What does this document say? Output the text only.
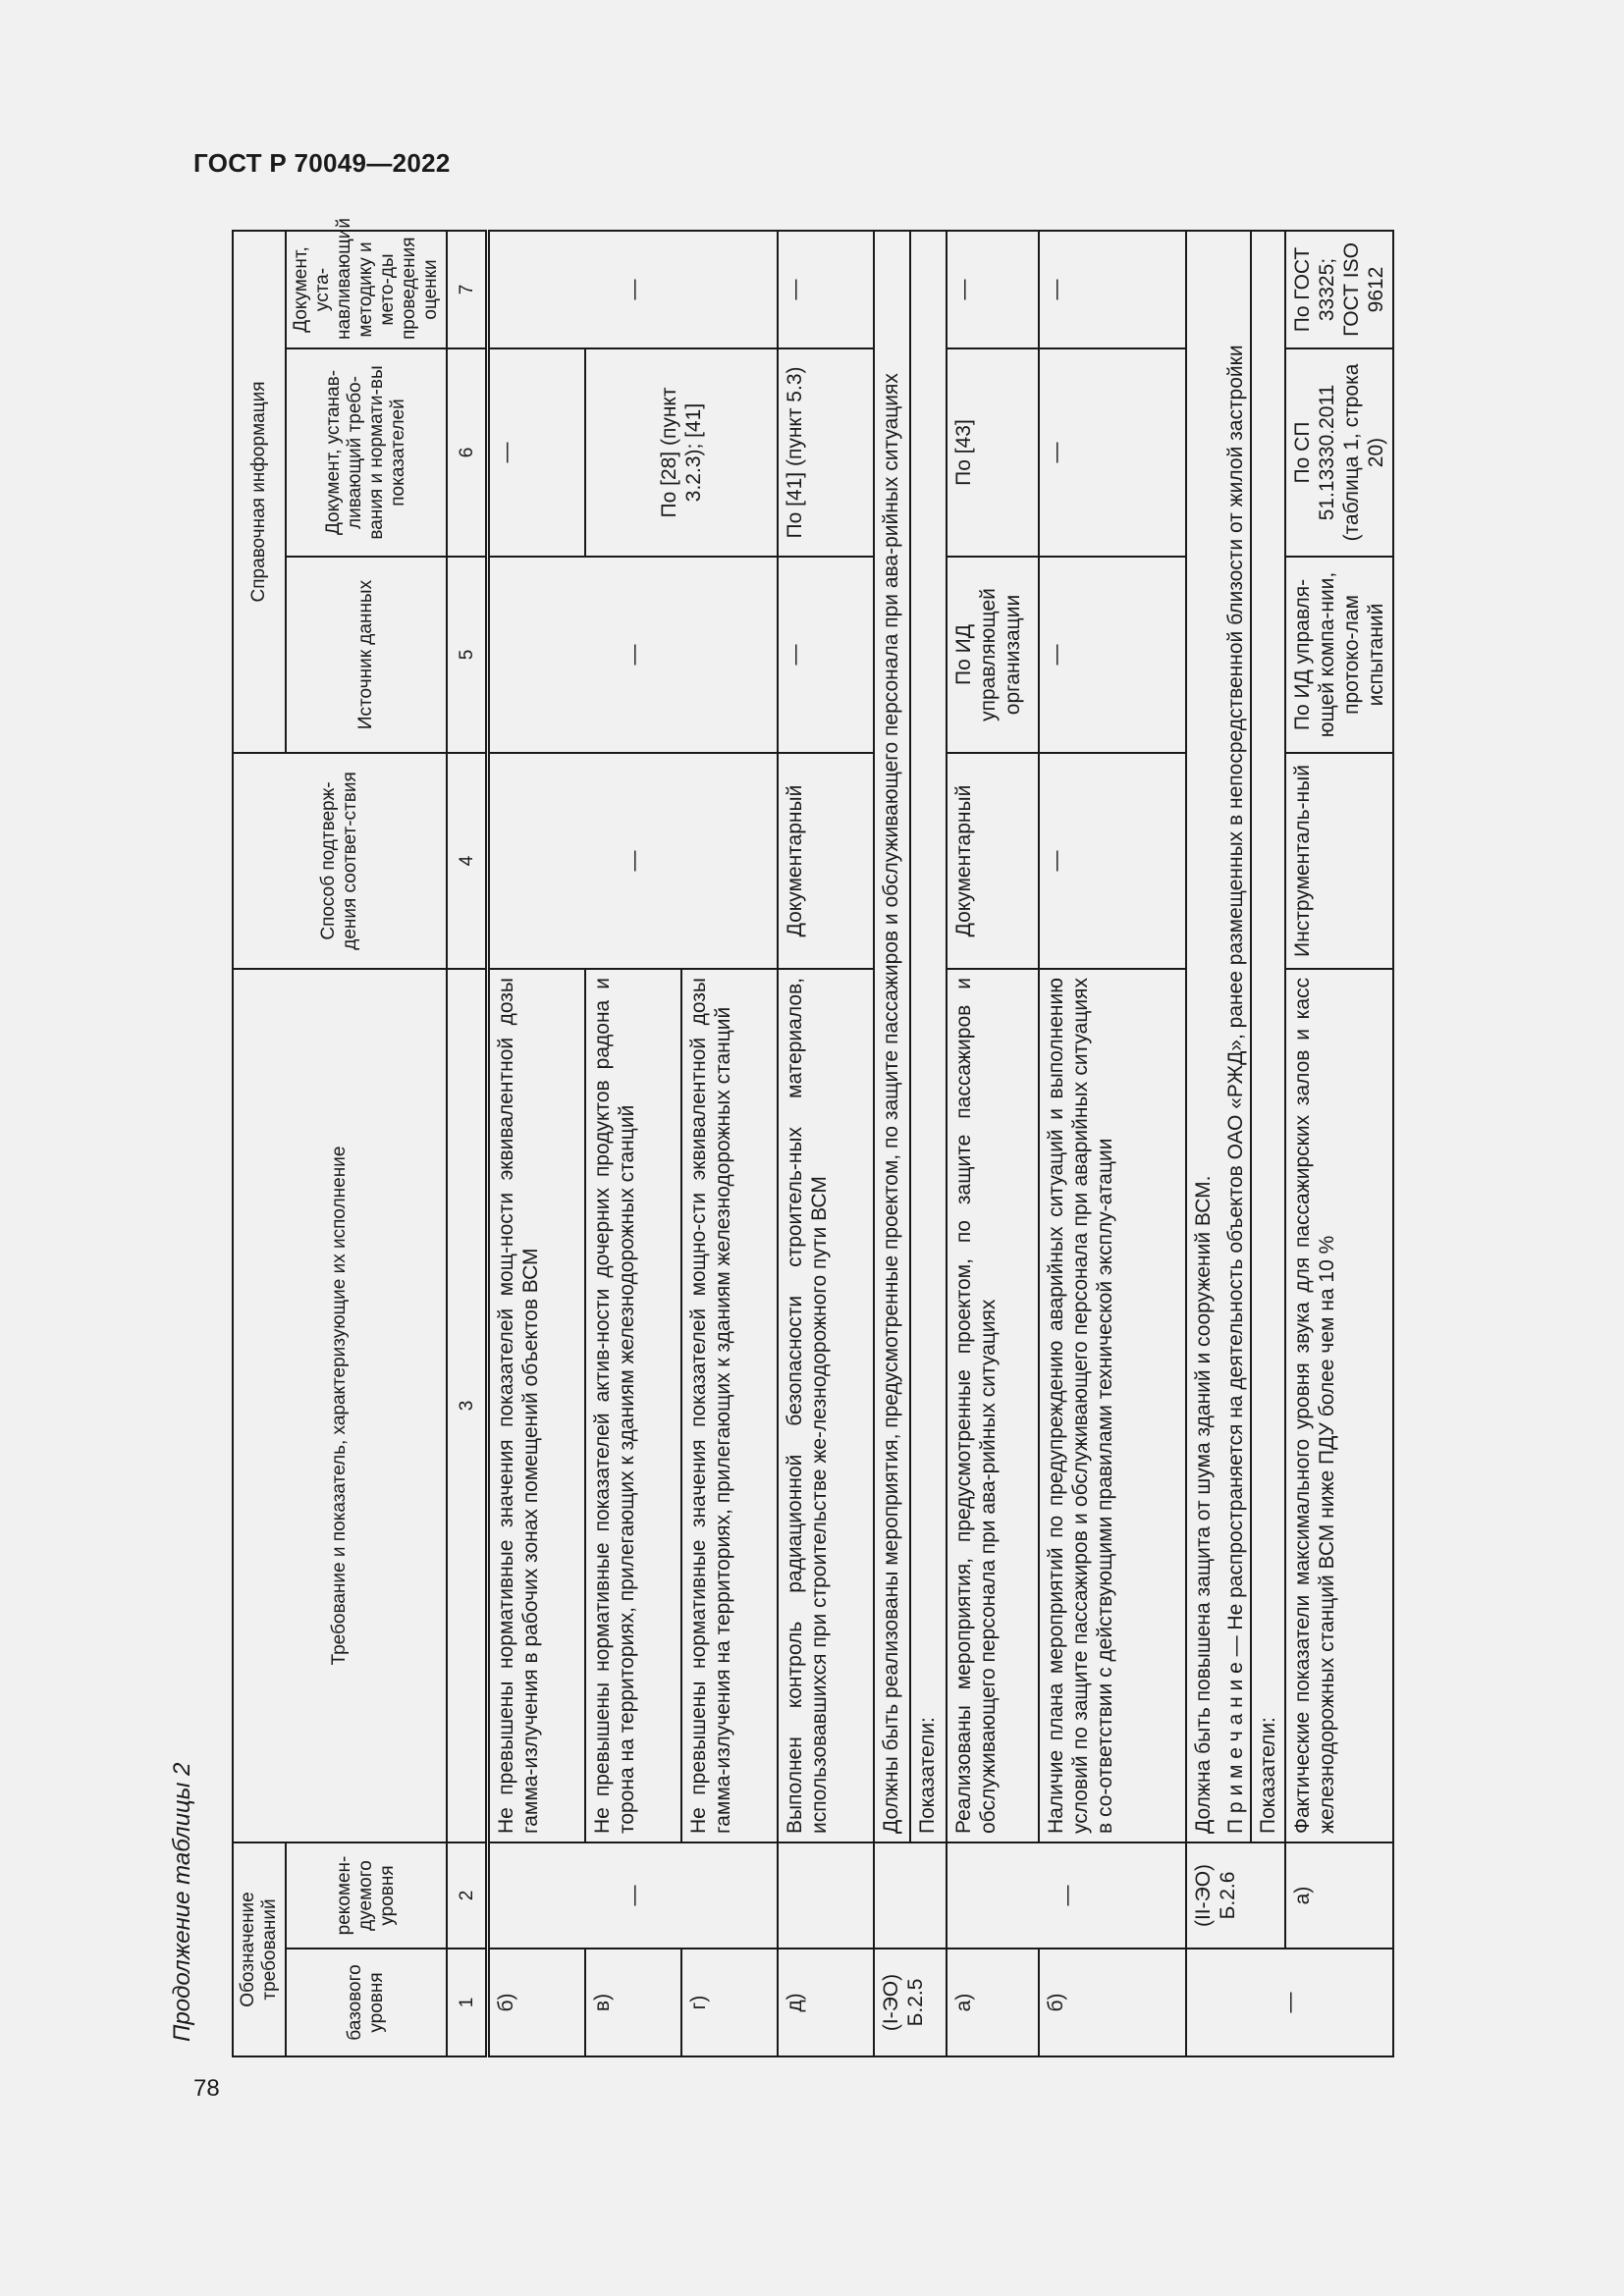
ГОСТ Р 70049—2022
Продолжение таблицы 2
78
Обозначение требований		Требование и показатель, характеризующие их исполнение	Способ подтверж-дения соответ-ствия	Справочная информация		
базового уровня	рекомен-дуемого уровня			Источник данных	Документ, устанав-ливающий требо-вания и нормати-вы показателей	Документ, уста-навливающий методику и мето-ды проведения оценки
1	2	3	4	5	6	7
б)	—	Не превышены нормативные значения показателей мощ-ности эквивалентной дозы гамма-излучения в рабочих зонах помещений объектов ВСМ	—	—	—	—
в)		Не превышены нормативные показателей актив-ности дочерних продуктов радона и торона на территориях, прилегающих к зданиям железнодорожных станций			По [28] (пункт 3.2.3); [41]	
г)		Не превышены нормативные значения показателей мощно-сти эквивалентной дозы гамма-излучения на территориях, прилегающих к зданиям железнодорожных станций				
д)		Выполнен контроль радиационной безопасности строитель-ных материалов, использовавшихся при строительстве же-лезнодорожного пути ВСМ	Документарный	—	По [41] (пункт 5.3)	—
(I-ЭО) Б.2.5		Должны быть реализованы мероприятия, предусмотренные проектом, по защите пассажиров и обслуживающего персонала при ава-рийных ситуациях				
		Показатели:				
а)	—	Реализованы мероприятия, предусмотренные проектом, по защите пассажиров и обслуживающего персонала при ава-рийных ситуациях	Документарный	По ИД управляющей организации	По [43]	—
б)		Наличие плана мероприятий по предупреждению аварийных ситуаций и выполнению условий по защите пассажиров и обслуживающего персонала при аварийных ситуациях в со-ответствии с действующими правилами технической эксплу-атации	—	—	—	—

—	(II-ЭО) Б.2.6	Должна быть повышена защита от шума зданий и сооружений ВСМ. П р и м е ч а н и е — Не распространяется на деятельность объектов ОАО «РЖД», ранее размещенных в непосредственной близости от жилой застройки				

		Показатели:				
	а)	Фактические показатели максимального уровня звука для пассажирских залов и касс железнодорожных станций ВСМ ниже ПДУ более чем на 10 %	Инструменталь-ный	По ИД управля-ющей компа-нии, протоко-лам испытаний	По СП 51.13330.2011 (таблица 1, строка 20)	По ГОСТ 33325; ГОСТ ISO 9612
